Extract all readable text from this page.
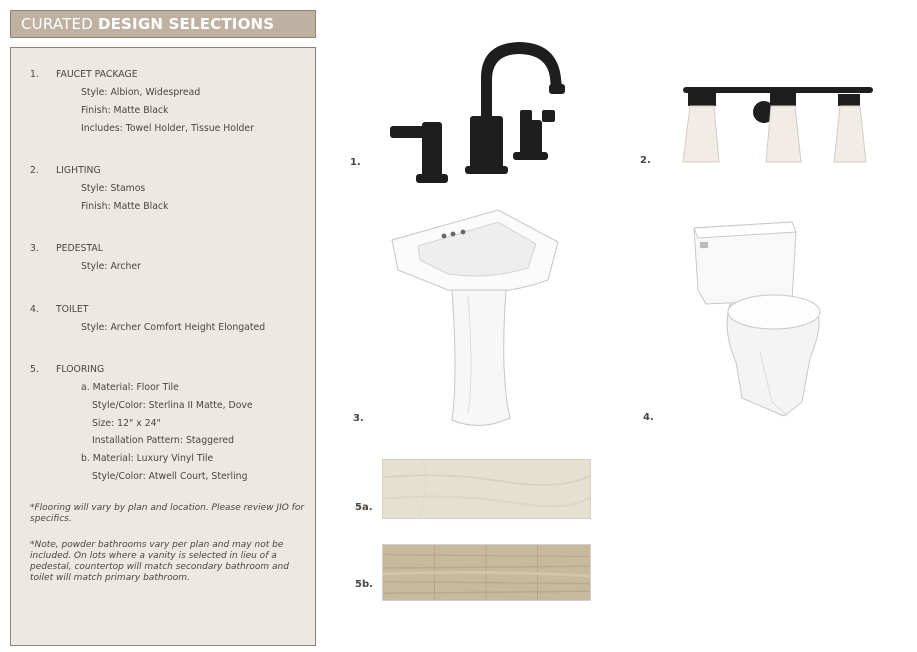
CURATED DESIGN SELECTIONS
1. FAUCET PACKAGE
Style: Albion, Widespread
Finish: Matte Black
Includes: Towel Holder, Tissue Holder
2. LIGHTING
Style: Stamos
Finish: Matte Black
3. PEDESTAL
Style: Archer
4. TOILET
Style: Archer Comfort Height Elongated
5. FLOORING
a. Material: Floor Tile
Style/Color: Sterlina II Matte, Dove
Size: 12" x 24"
Installation Pattern: Staggered
b. Material: Luxury Vinyl Tile
Style/Color: Atwell Court, Sterling
*Flooring will vary by plan and location. Please review JIO for specifics.
*Note, powder bathrooms vary per plan and may not be included. On lots where a vanity is selected in lieu of a pedestal, countertop will match secondary bathroom and toilet will match primary bathroom.
1.	2.
3.	4.
5a.
5b.
